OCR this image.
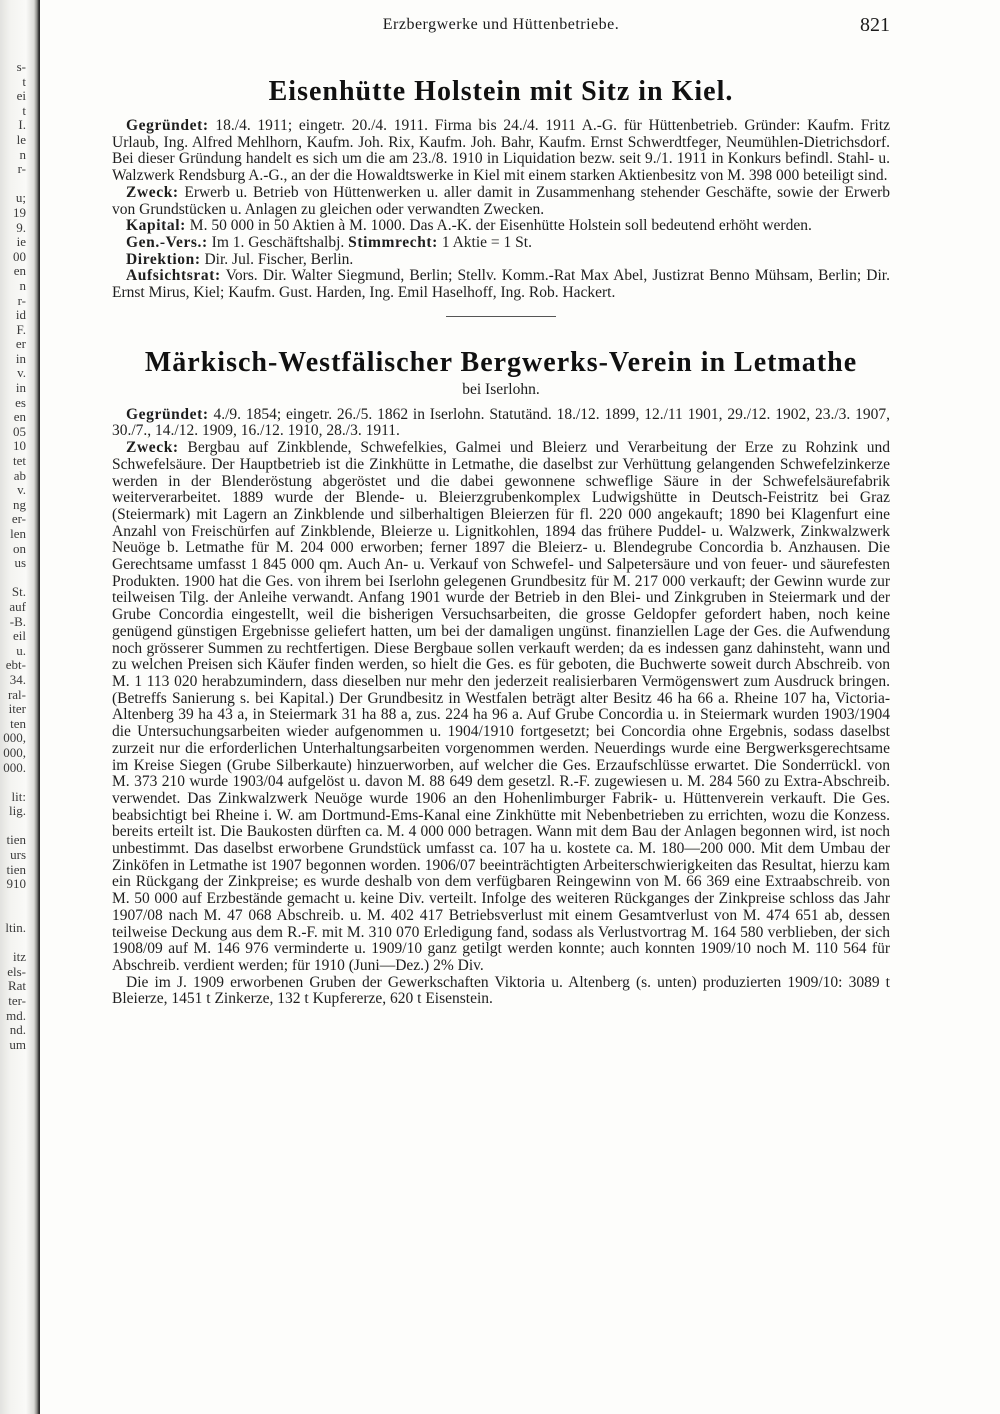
s-
t
ei
t
I.
le
n
r-
u;
19
9.
ie
00
en
n
r-
id
F.
er
in
v.
in
es
en
05
10
tet
ab
v.
ng
er-
len
on
us
St.
auf
-B.
eil
u.
ebt-
34.
ral-
iter
ten
000,
000,
000.
lit:
lig.
tien
urs
tien
910
ltin.
itz
els-
Rat
ter-
md.
nd.
um
Erzbergwerke und Hüttenbetriebe.	821
Eisenhütte Holstein mit Sitz in Kiel.

Gegründet: 18./4. 1911; eingetr. 20./4. 1911. Firma bis 24./4. 1911 A.-G. für Hüttenbetrieb. Gründer: Kaufm. Fritz Urlaub, Ing. Alfred Mehlhorn, Kaufm. Joh. Rix, Kaufm. Joh. Bahr, Kaufm. Ernst Schwerdtfeger, Neumühlen-Dietrichsdorf. Bei dieser Gründung handelt es sich um die am 23./8. 1910 in Liquidation bezw. seit 9./1. 1911 in Konkurs befindl. Stahl- u. Walzwerk Rendsburg A.-G., an der die Howaldtswerke in Kiel mit einem starken Aktienbesitz von M. 398 000 beteiligt sind.

Zweck: Erwerb u. Betrieb von Hüttenwerken u. aller damit in Zusammenhang stehender Geschäfte, sowie der Erwerb von Grundstücken u. Anlagen zu gleichen oder verwandten Zwecken.

Kapital: M. 50 000 in 50 Aktien à M. 1000. Das A.-K. der Eisenhütte Holstein soll bedeutend erhöht werden.

Gen.-Vers.: Im 1. Geschäftshalbj. Stimmrecht: 1 Aktie = 1 St.

Direktion: Dir. Jul. Fischer, Berlin.

Aufsichtsrat: Vors. Dir. Walter Siegmund, Berlin; Stellv. Komm.-Rat Max Abel, Justizrat Benno Mühsam, Berlin; Dir. Ernst Mirus, Kiel; Kaufm. Gust. Harden, Ing. Emil Haselhoff, Ing. Rob. Hackert.

Märkisch-Westfälischer Bergwerks-Verein in Letmathe
bei Iserlohn.

Gegründet: 4./9. 1854; eingetr. 26./5. 1862 in Iserlohn. Statutänd. 18./12. 1899, 12./11 1901, 29./12. 1902, 23./3. 1907, 30./7., 14./12. 1909, 16./12. 1910, 28./3. 1911.

Zweck: Bergbau auf Zinkblende, Schwefelkies, Galmei und Bleierz und Verarbeitung der Erze zu Rohzink und Schwefelsäure. Der Hauptbetrieb ist die Zinkhütte in Letmathe, die daselbst zur Verhüttung gelangenden Schwefelzinkerze werden in der Blenderöstung abgeröstet und die dabei gewonnene schweflige Säure in der Schwefelsäurefabrik weiterverarbeitet. 1889 wurde der Blende- u. Bleierzgrubenkomplex Ludwigshütte in Deutsch-Feistritz bei Graz (Steiermark) mit Lagern an Zinkblende und silberhaltigen Bleierzen für fl. 220 000 angekauft; 1890 bei Klagenfurt eine Anzahl von Freischürfen auf Zinkblende, Bleierze u. Lignitkohlen, 1894 das frühere Puddel- u. Walzwerk, Zinkwalzwerk Neuöge b. Letmathe für M. 204 000 erworben; ferner 1897 die Bleierz- u. Blendegrube Concordia b. Anzhausen. Die Gerechtsame umfasst 1 845 000 qm. Auch An- u. Verkauf von Schwefel- und Salpetersäure und von feuer- und säurefesten Produkten. 1900 hat die Ges. von ihrem bei Iserlohn gelegenen Grundbesitz für M. 217 000 verkauft; der Gewinn wurde zur teilweisen Tilg. der Anleihe verwandt. Anfang 1901 wurde der Betrieb in den Blei- und Zinkgruben in Steiermark und der Grube Concordia eingestellt, weil die bisherigen Versuchsarbeiten, die grosse Geldopfer gefordert haben, noch keine genügend günstigen Ergebnisse geliefert hatten, um bei der damaligen ungünst. finanziellen Lage der Ges. die Aufwendung noch grösserer Summen zu rechtfertigen. Diese Bergbaue sollen verkauft werden; da es indessen ganz dahinsteht, wann und zu welchen Preisen sich Käufer finden werden, so hielt die Ges. es für geboten, die Buchwerte soweit durch Abschreib. von M. 1 113 020 herabzumindern, dass dieselben nur mehr den jederzeit realisierbaren Vermögenswert zum Ausdruck bringen. (Betreffs Sanierung s. bei Kapital.) Der Grundbesitz in Westfalen beträgt alter Besitz 46 ha 66 a. Rheine 107 ha, Victoria-Altenberg 39 ha 43 a, in Steiermark 31 ha 88 a, zus. 224 ha 96 a. Auf Grube Concordia u. in Steiermark wurden 1903/1904 die Untersuchungsarbeiten wieder aufgenommen u. 1904/1910 fortgesetzt; bei Concordia ohne Ergebnis, sodass daselbst zurzeit nur die erforderlichen Unterhaltungsarbeiten vorgenommen werden. Neuerdings wurde eine Bergwerksgerechtsame im Kreise Siegen (Grube Silberkaute) hinzuerworben, auf welcher die Ges. Erzaufschlüsse erwartet. Die Sonderrückl. von M. 373 210 wurde 1903/04 aufgelöst u. davon M. 88 649 dem gesetzl. R.-F. zugewiesen u. M. 284 560 zu Extra-Abschreib. verwendet. Das Zinkwalzwerk Neuöge wurde 1906 an den Hohenlimburger Fabrik- u. Hüttenverein verkauft. Die Ges. beabsichtigt bei Rheine i. W. am Dortmund-Ems-Kanal eine Zinkhütte mit Nebenbetrieben zu errichten, wozu die Konzess. bereits erteilt ist. Die Baukosten dürften ca. M. 4 000 000 betragen. Wann mit dem Bau der Anlagen begonnen wird, ist noch unbestimmt. Das daselbst erworbene Grundstück umfasst ca. 107 ha u. kostete ca. M. 180—200 000. Mit dem Umbau der Zinköfen in Letmathe ist 1907 begonnen worden. 1906/07 beeinträchtigten Arbeiterschwierigkeiten das Resultat, hierzu kam ein Rückgang der Zinkpreise; es wurde deshalb von dem verfügbaren Reingewinn von M. 66 369 eine Extraabschreib. von M. 50 000 auf Erzbestände gemacht u. keine Div. verteilt. Infolge des weiteren Rückganges der Zinkpreise schloss das Jahr 1907/08 nach M. 47 068 Abschreib. u. M. 402 417 Betriebsverlust mit einem Gesamtverlust von M. 474 651 ab, dessen teilweise Deckung aus dem R.-F. mit M. 310 070 Erledigung fand, sodass als Verlustvortrag M. 164 580 verblieben, der sich 1908/09 auf M. 146 976 verminderte u. 1909/10 ganz getilgt werden konnte; auch konnten 1909/10 noch M. 110 564 für Abschreib. verdient werden; für 1910 (Juni—Dez.) 2% Div.

Die im J. 1909 erworbenen Gruben der Gewerkschaften Viktoria u. Altenberg (s. unten) produzierten 1909/10: 3089 t Bleierze, 1451 t Zinkerze, 132 t Kupfererze, 620 t Eisenstein.
